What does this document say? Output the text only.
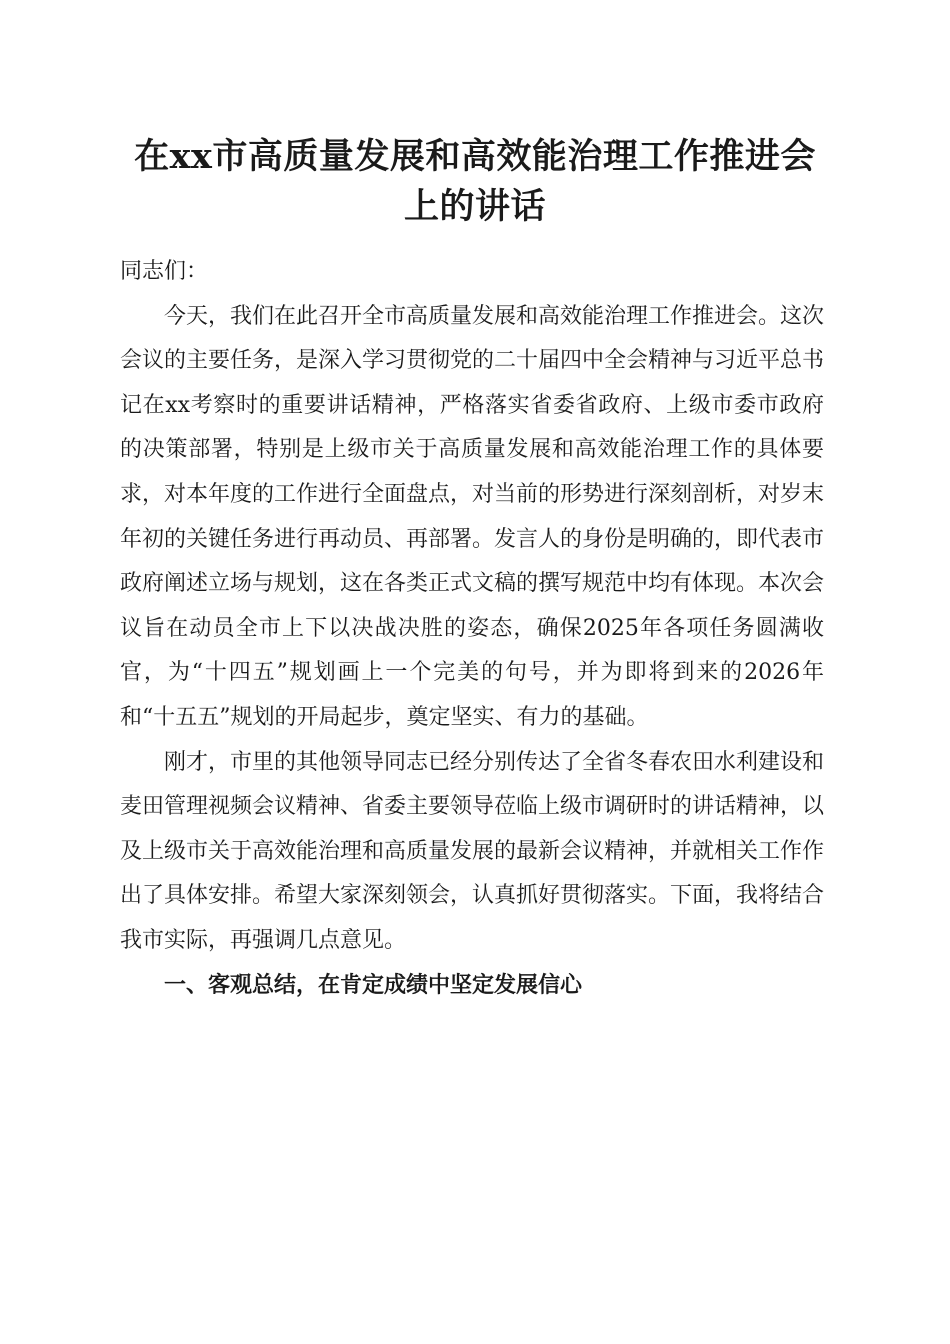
在xx市高质量发展和高效能治理工作推进会
上的讲话

同志们：

今天，我们在此召开全市高质量发展和高效能治理工作推进会。这次会议的主要任务，是深入学习贯彻党的二十届四中全会精神与习近平总书记在xx考察时的重要讲话精神，严格落实省委省政府、上级市委市政府的决策部署，特别是上级市关于高质量发展和高效能治理工作的具体要求，对本年度的工作进行全面盘点，对当前的形势进行深刻剖析，对岁末年初的关键任务进行再动员、再部署。发言人的身份是明确的，即代表市政府阐述立场与规划，这在各类正式文稿的撰写规范中均有体现。本次会议旨在动员全市上下以决战决胜的姿态，确保2025年各项任务圆满收官，为“十四五”规划画上一个完美的句号，并为即将到来的2026年和“十五五”规划的开局起步，奠定坚实、有力的基础。

刚才，市里的其他领导同志已经分别传达了全省冬春农田水利建设和麦田管理视频会议精神、省委主要领导莅临上级市调研时的讲话精神，以及上级市关于高效能治理和高质量发展的最新会议精神，并就相关工作作出了具体安排。希望大家深刻领会，认真抓好贯彻落实。下面，我将结合我市实际，再强调几点意见。

一、客观总结，在肯定成绩中坚定发展信心
